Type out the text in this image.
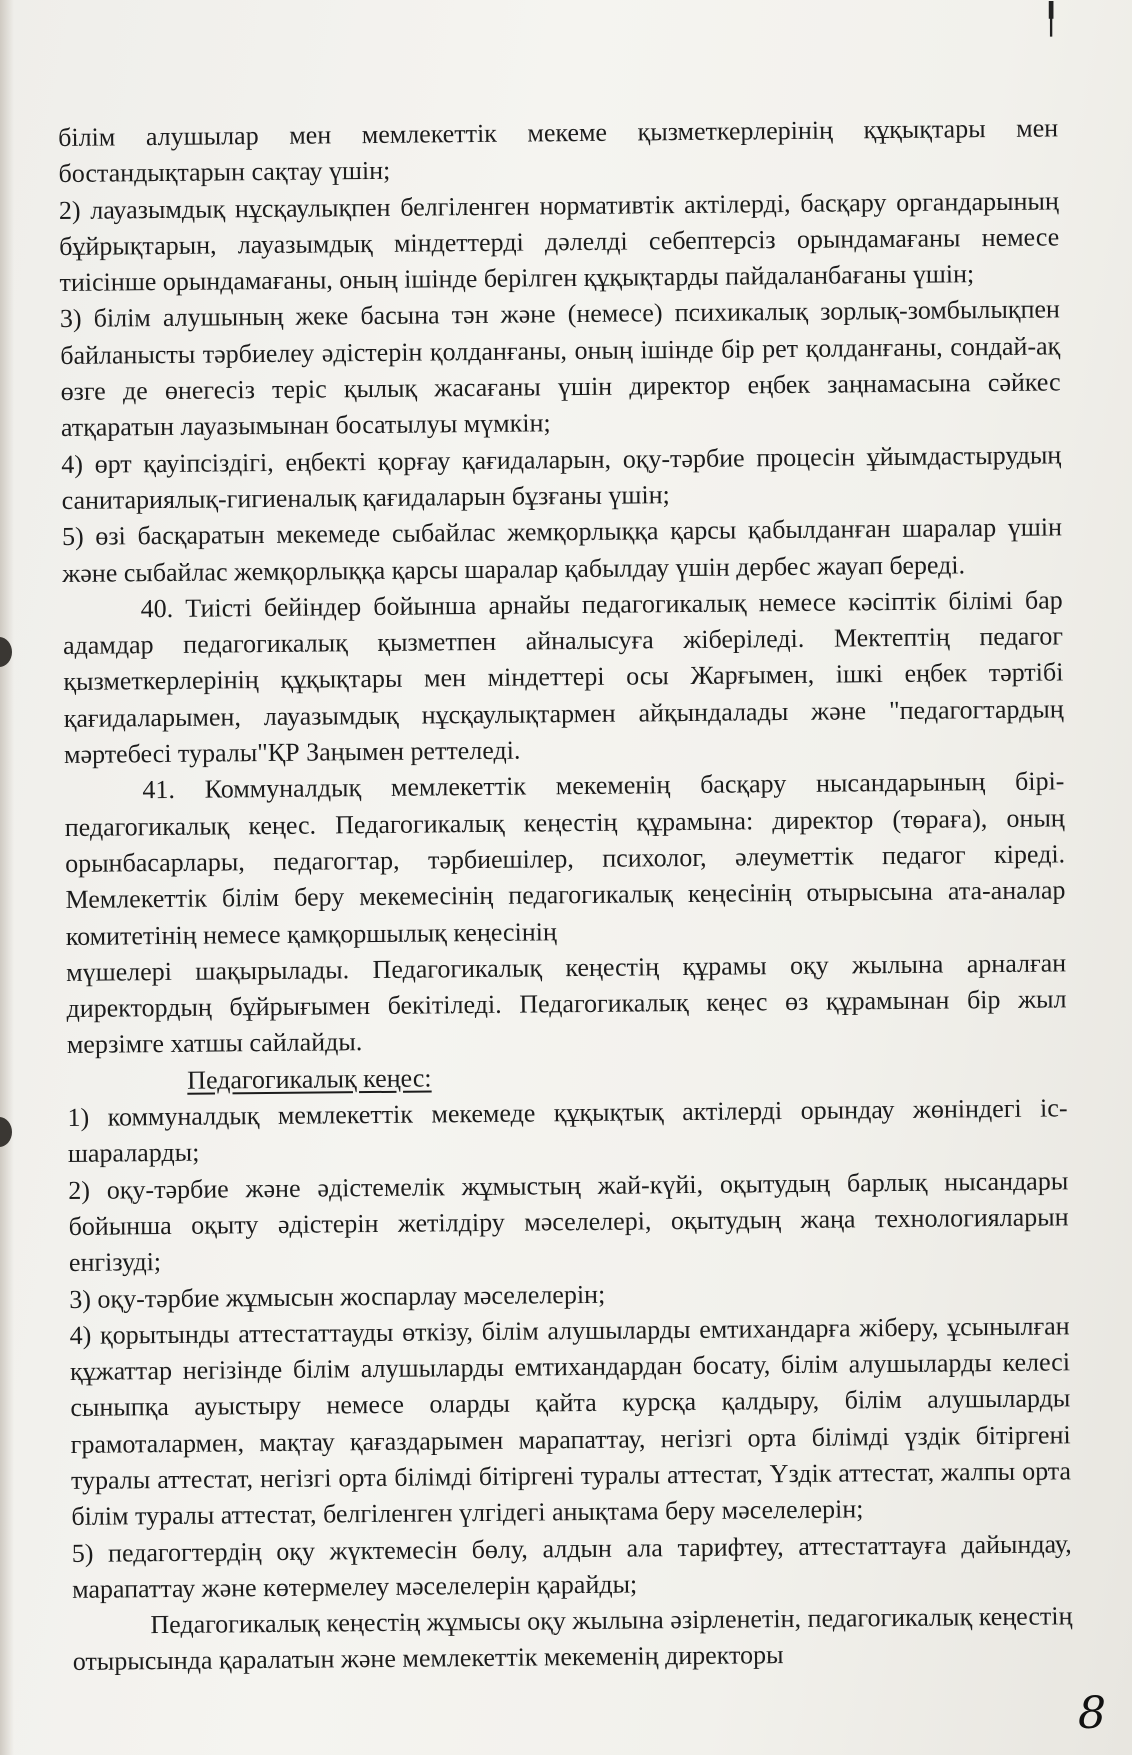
╿

білім алушылар мен мемлекеттік мекеме қызметкерлерінің құқықтары мен бостандықтарын сақтау үшін;

2) лауазымдық нұсқаулықпен белгіленген нормативтік актілерді, басқару органдарының бұйрықтарын, лауазымдық міндеттерді дәлелді себептерсіз орындамағаны немесе тиісінше орындамағаны, оның ішінде берілген құқықтарды пайдаланбағаны үшін;

3) білім алушының жеке басына тән және (немесе) психикалық зорлық-зомбылықпен байланысты тәрбиелеу әдістерін қолданғаны, оның ішінде бір рет қолданғаны, сондай-ақ өзге де өнегесіз теріс қылық жасағаны үшін директор еңбек заңнамасына сәйкес атқаратын лауазымынан босатылуы мүмкін;

4) өрт қауіпсіздігі, еңбекті қорғау қағидаларын, оқу-тәрбие процесін ұйымдастырудың санитариялық-гигиеналық қағидаларын бұзғаны үшін;

5) өзі басқаратын мекемеде сыбайлас жемқорлыққа қарсы қабылданған шаралар үшін және сыбайлас жемқорлыққа қарсы шаралар қабылдау үшін дербес жауап береді.

40. Тиісті бейіндер бойынша арнайы педагогикалық немесе кәсіптік білімі бар адамдар педагогикалық қызметпен айналысуға жіберіледі. Мектептің педагог қызметкерлерінің құқықтары мен міндеттері осы Жарғымен, ішкі еңбек тәртібі қағидаларымен, лауазымдық нұсқаулықтармен айқындалады және "педагогтардың мәртебесі туралы"ҚР Заңымен реттеледі.

41. Коммуналдық мемлекеттік мекеменің басқару нысандарының бірі-педагогикалық кеңес. Педагогикалық кеңестің құрамына: директор (төраға), оның орынбасарлары, педагогтар, тәрбиешілер, психолог, әлеуметтік педагог кіреді. Мемлекеттік білім беру мекемесінің педагогикалық кеңесінің отырысына ата-аналар комитетінің немесе қамқоршылық кеңесінің

мүшелері шақырылады. Педагогикалық кеңестің құрамы оқу жылына арналған директордың бұйрығымен бекітіледі. Педагогикалық кеңес өз құрамынан бір жыл мерзімге хатшы сайлайды.

Педагогикалық кеңес:

1) коммуналдық мемлекеттік мекемеде құқықтық актілерді орындау жөніндегі іс-шараларды;

2) оқу-тәрбие және әдістемелік жұмыстың жай-күйі, оқытудың барлық нысандары бойынша оқыту әдістерін жетілдіру мәселелері, оқытудың жаңа технологияларын енгізуді;

3) оқу-тәрбие жұмысын жоспарлау мәселелерін;

4) қорытынды аттестаттауды өткізу, білім алушыларды емтихандарға жіберу, ұсынылған құжаттар негізінде білім алушыларды емтихандардан босату, білім алушыларды келесі сыныпқа ауыстыру немесе оларды қайта курсқа қалдыру, білім алушыларды грамоталармен, мақтау қағаздарымен марапаттау, негізгі орта білімді үздік бітіргені туралы аттестат, негізгі орта білімді бітіргені туралы аттестат, Үздік аттестат, жалпы орта білім туралы аттестат, белгіленген үлгідегі анықтама беру мәселелерін;

5) педагогтердің оқу жүктемесін бөлу, алдын ала тарифтеу, аттестаттауға дайындау, марапаттау және көтермелеу мәселелерін қарайды;

Педагогикалық кеңестің жұмысы оқу жылына әзірленетін, педагогикалық кеңестің отырысында қаралатын және мемлекеттік мекеменің директоры

8
